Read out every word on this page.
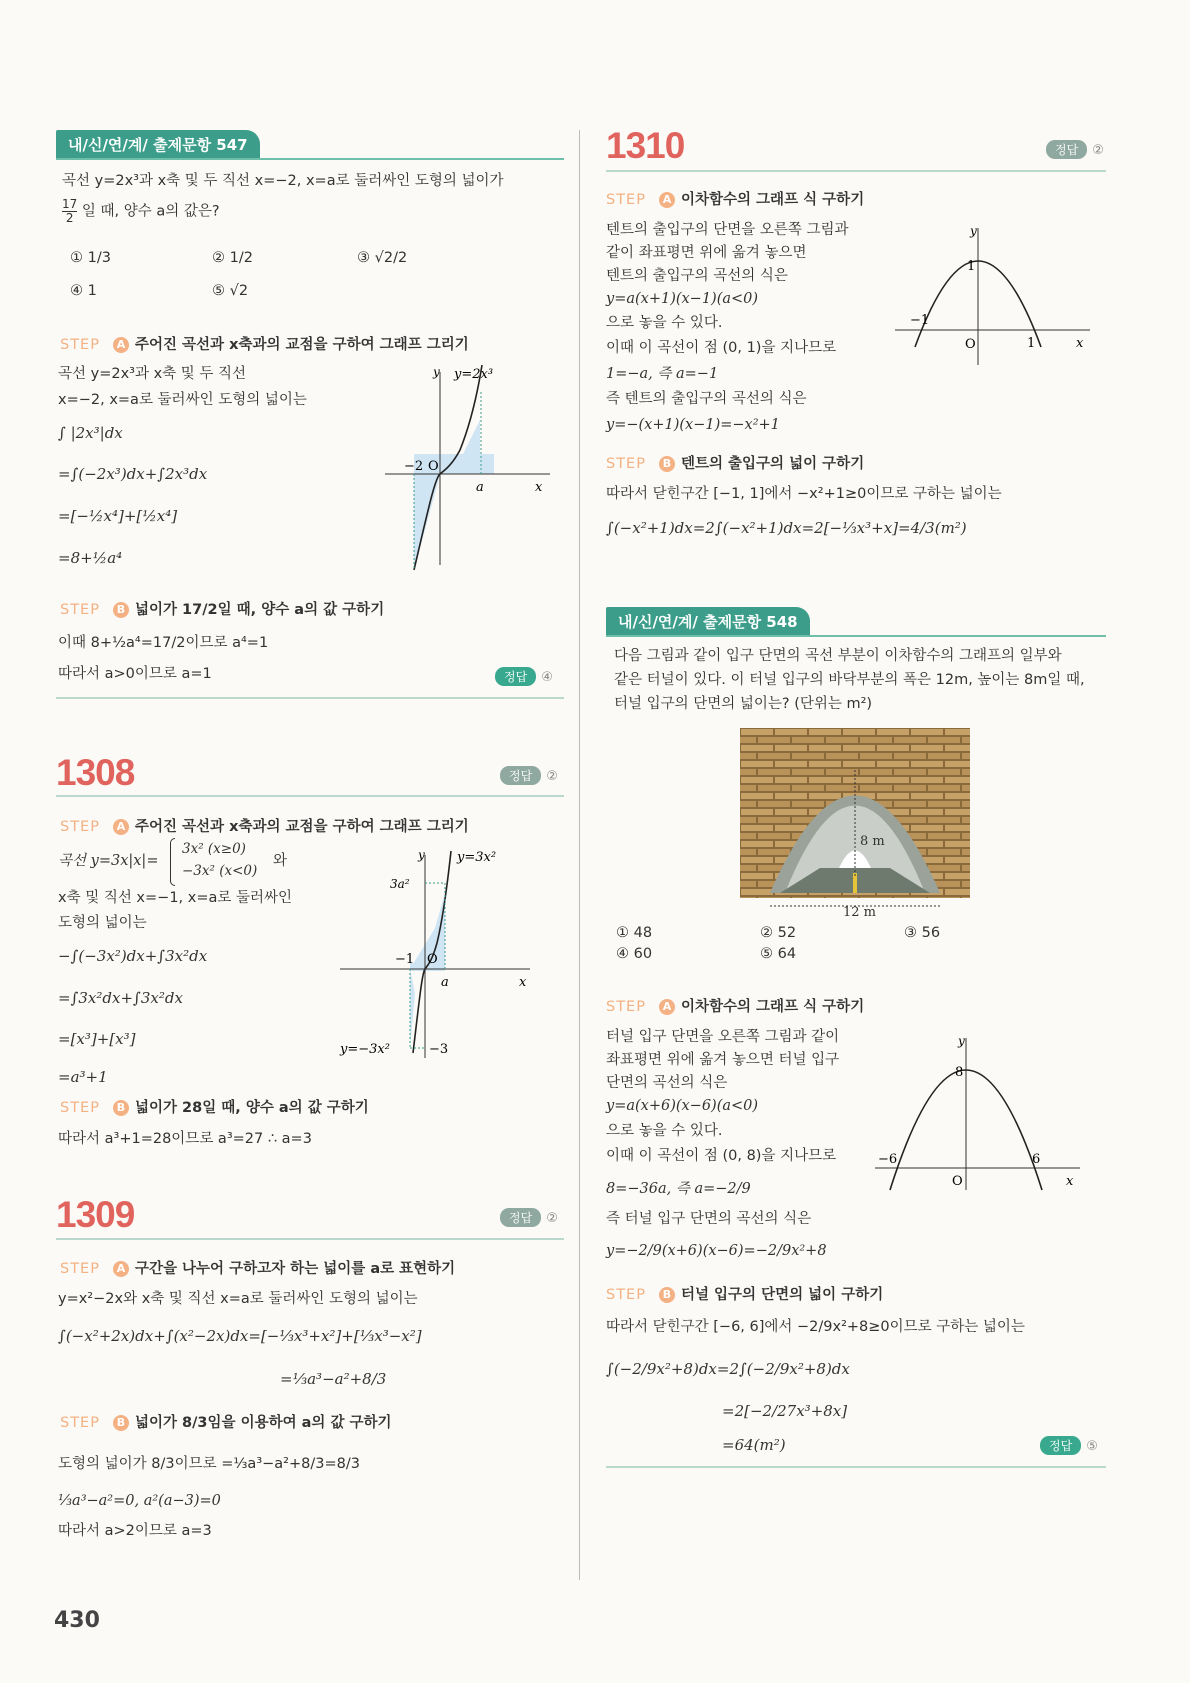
내/신/연/계/ 출제문항 547
곡선 y=2x³과 x축 및 두 직선 x=−2, x=a로 둘러싸인 도형의 넓이가
$\frac{17}{2}$ 일 때, 양수 a의 값은?
① 1/3	② 1/2	③ √2/2
④ 1	⑤ √2
STEP A 주어진 곡선과 x축과의 교점을 구하여 그래프 그리기
곡선 y=2x³과 x축 및 두 직선
x=−2, x=a로 둘러싸인 도형의 넓이는
∫ |2x³|dx
=∫(−2x³)dx+∫2x³dx
=[−½x⁴]+[½x⁴]
=8+½a⁴
y y=2x³
−2 O
a	x
STEP B 넓이가 17/2일 때, 양수 a의 값 구하기
이때 8+½a⁴=17/2이므로 a⁴=1
따라서 a>0이므로 a=1	정답 ④
1308	정답 ②
STEP A 주어진 곡선과 x축과의 교점을 구하여 그래프 그리기
곡선 y=3x|x|=
3x² (x≥0)
−3x² (x<0)
와
x축 및 직선 x=−1, x=a로 둘러싸인
도형의 넓이는
−∫(−3x²)dx+∫3x²dx
=∫3x²dx+∫3x²dx
=[x³]+[x³]
=a³+1
y y=3x²
3a²
−1 O
a	x
y=−3x²	−3
STEP B 넓이가 28일 때, 양수 a의 값 구하기
따라서 a³+1=28이므로 a³=27 ∴ a=3
1309	정답 ②
STEP A 구간을 나누어 구하고자 하는 넓이를 a로 표현하기
y=x²−2x와 x축 및 직선 x=a로 둘러싸인 도형의 넓이는
∫(−x²+2x)dx+∫(x²−2x)dx=[−⅓x³+x²]+[⅓x³−x²]
=⅓a³−a²+8/3
STEP B 넓이가 8/3임을 이용하여 a의 값 구하기
도형의 넓이가 8/3이므로 =⅓a³−a²+8/3=8/3
⅓a³−a²=0, a²(a−3)=0
따라서 a>2이므로 a=3
430
1310	정답 ②
STEP A 이차함수의 그래프 식 구하기
텐트의 출입구의 단면을 오른쪽 그림과
같이 좌표평면 위에 옮겨 놓으면
텐트의 출입구의 곡선의 식은
y=a(x+1)(x−1)(a<0)
으로 놓을 수 있다.
이때 이 곡선이 점 (0, 1)을 지나므로
1=−a, 즉 a=−1
즉 텐트의 출입구의 곡선의 식은
y=−(x+1)(x−1)=−x²+1
y
1
−1
O	1	x
STEP B 텐트의 출입구의 넓이 구하기
따라서 닫힌구간 [−1, 1]에서 −x²+1≥0이므로 구하는 넓이는
∫(−x²+1)dx=2∫(−x²+1)dx=2[−⅓x³+x]=4/3(m²)
내/신/연/계/ 출제문항 548
다음 그림과 같이 입구 단면의 곡선 부분이 이차함수의 그래프의 일부와
같은 터널이 있다. 이 터널 입구의 바닥부분의 폭은 12m, 높이는 8m일 때,
터널 입구의 단면의 넓이는? (단위는 m²)
8 m
12 m
① 48	② 52	③ 56
④ 60	⑤ 64
STEP A 이차함수의 그래프 식 구하기
터널 입구 단면을 오른쪽 그림과 같이
좌표평면 위에 옮겨 놓으면 터널 입구
단면의 곡선의 식은
y=a(x+6)(x−6)(a<0)
으로 놓을 수 있다.
이때 이 곡선이 점 (0, 8)을 지나므로
8=−36a, 즉 a=−2/9
즉 터널 입구 단면의 곡선의 식은
y=−2/9(x+6)(x−6)=−2/9x²+8
y
8
−6
O
6
x
STEP B 터널 입구의 단면의 넓이 구하기
따라서 닫힌구간 [−6, 6]에서 −2/9x²+8≥0이므로 구하는 넓이는
∫(−2/9x²+8)dx=2∫(−2/9x²+8)dx
=2[−2/27x³+8x]
=64(m²)	정답 ⑤
